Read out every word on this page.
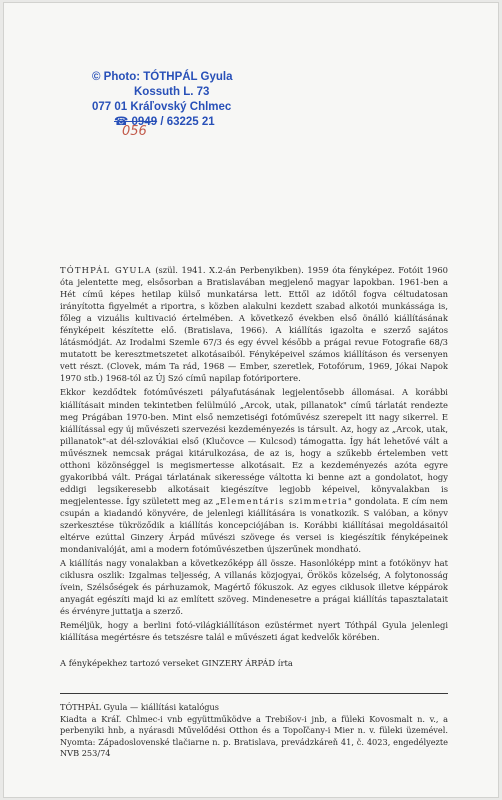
© Photo: TÓTHPÁL Gyula
Kossuth L. 73
077 01 Kráľovský Chlmec
☎ 0949 / 63225 21
056

TÓTHPÁL GYULA (szül. 1941. X.2-án Perbenyikben). 1959 óta fényképez. Fotóit 1960 óta jelentette meg, elsősorban a Bratislavában megjelenő magyar lapokban. 1961-ben a Hét című képes hetilap külső munkatársa lett. Ettől az időtől fogva céltudatosan irányította figyelmét a riportra, s közben alakulni kezdett szabad alkotói munkássága is, főleg a vizuális kultivació értelmében. A következő években első önálló kiállításának fényképeit készítette elő. (Bratislava, 1966). A kiállítás igazolta e szerző sajátos látásmódját. Az Irodalmi Szemle 67/3 és egy évvel később a prágai revue Fotografie 68/3 mutatott be keresztmetszetet alkotásaiból. Fényképeivel számos kiállításon és versenyen vett részt. (Clovek, mám Ta rád, 1968 — Ember, szeretlek, Fotofórum, 1969, Jókai Napok 1970 stb.) 1968-tól az Új Szó című napilap fotóriportere.

Ekkor kezdődtek fotóművészeti pályafutásának legjelentősebb állomásai. A korábbi kiállításait minden tekintetben felülmúló „Arcok, utak, pillanatok" című tárlatát rendezte meg Prágában 1970-ben. Mint első nemzetiségi fotóművész szerepelt itt nagy sikerrel. E kiállítással egy új művészeti szervezési kezdeményezés is társult. Az, hogy az „Arcok, utak, pillanatok"-at dél-szlovákiai első (Klučovce — Kulcsod) támogatta. Így hát lehetővé vált a művésznek nemcsak prágai kitárulkozása, de az is, hogy a szűkebb értelemben vett otthoni közönséggel is megismertesse alkotásait. Ez a kezdeményezés azóta egyre gyakoribbá vált. Prágai tárlatának sikeressége váltotta ki benne azt a gondolatot, hogy eddigi legsikeresebb alkotásait kiegészítve legjobb képeivel, könyvalakban is megjelentesse. Így született meg az „Elementáris szimmetria" gondolata. E cím nem csupán a kiadandó könyvére, de jelenlegi kiállítására is vonatkozik. S valóban, a könyv szerkesztése tükröződik a kiállítás koncepciójában is. Korábbi kiállításai megoldásaitól eltérve ezúttal Ginzery Árpád művészi szövege és versei is kiegészítik fényképeinek mondanivalóját, ami a modern fotóművészetben újszerűnek mondható.

A kiállítás nagy vonalakban a következőképp áll össze. Hasonlóképp mint a fotókönyv hat ciklusra oszlik: Izgalmas teljesség, A villanás közjogyai, Örökös közelség, A folytonosság ívein, Szélsőségek és párhuzamok, Magértő fókuszok. Az egyes ciklusok illetve képpárok anyagát egészíti majd ki az említett szöveg. Mindenesetre a prágai kiállítás tapasztalatait és érvényre juttatja a szerző.

Reméljük, hogy a berlini fotó-világkiállításon ezüstérmet nyert Tóthpál Gyula jelenlegi kiállítása megértésre és tetszésre talál e művészeti ágat kedvelők körében.

A fényképekhez tartozó verseket GINZERY ÁRPÁD írta
TÓTHPÁL Gyula — kiállítási katalógus
Kiadta a Kráľ. Chlmec-i vnb együttműködve a Trebišov-i jnb, a füleki Kovosmalt n. v., a perbenyiki hnb, a nyárasdi Művelődési Otthon és a Topoľčany-i Mier n. v. füleki üzemével. Nyomta: Západoslovenské tlačiarne n. p. Bratislava, prevádzkáreň 41, č. 4023, engedélyezte NVB 253/74
